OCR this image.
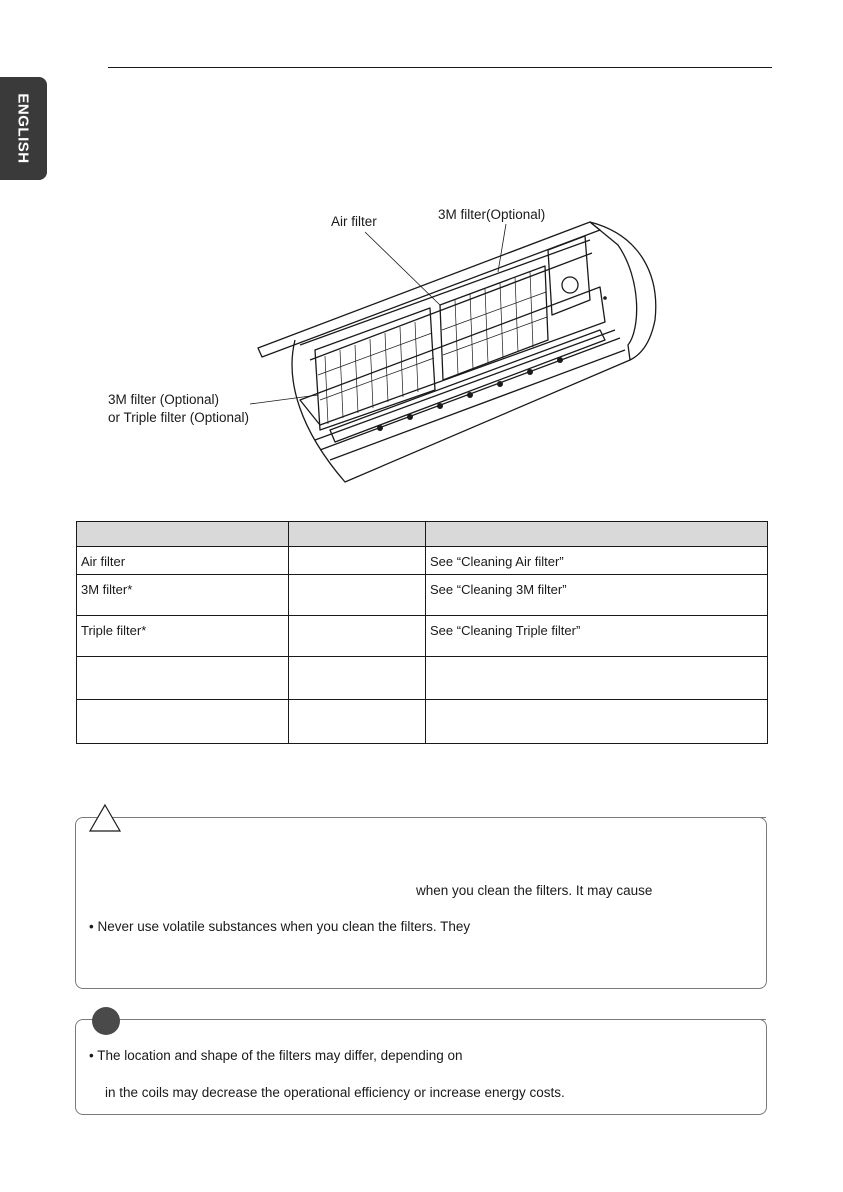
ENGLISH
Air filter	3M filter(Optional)
3M filter (Optional)
or Triple filter (Optional)

Air filter		See “Cleaning Air filter”
3M filter*		See “Cleaning 3M filter”
Triple filter*		See “Cleaning Triple filter”

when you clean the filters. It may cause
• Never use volatile substances when you clean the filters. They
• The location and shape of the filters may differ, depending on
in the coils may decrease the operational efficiency or increase energy costs.
